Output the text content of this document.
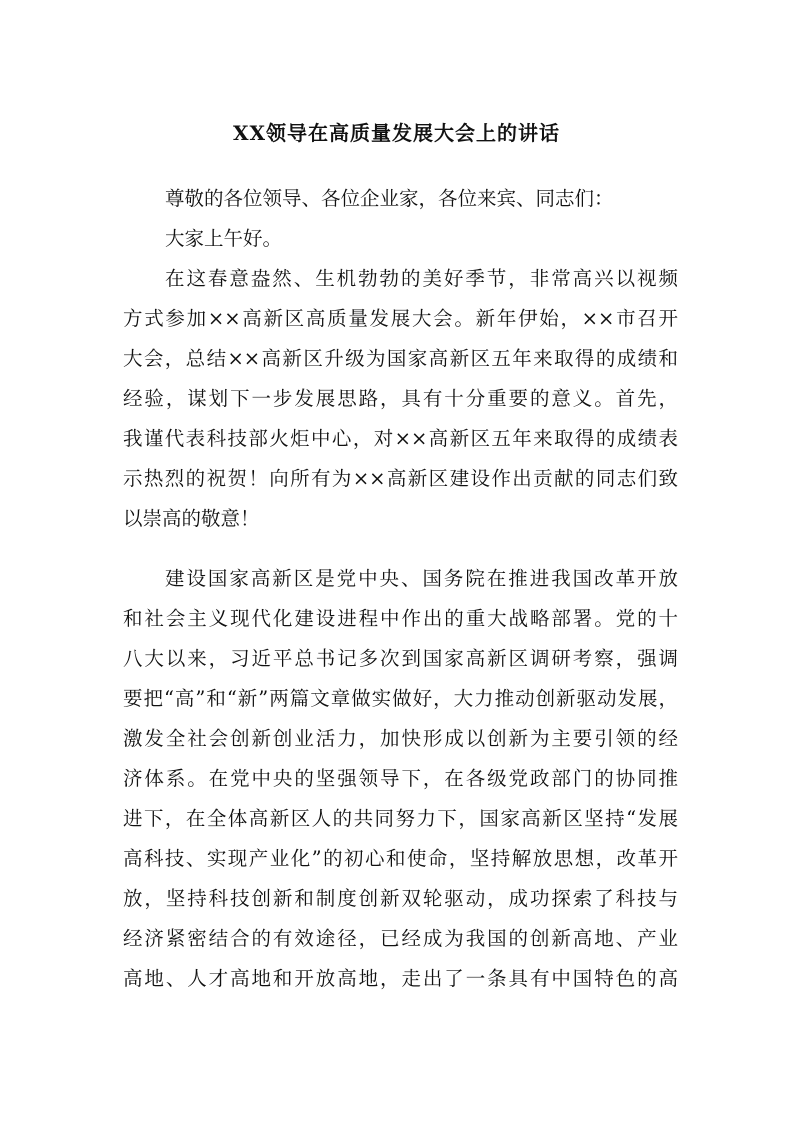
XX领导在高质量发展大会上的讲话
尊敬的各位领导、各位企业家，各位来宾、同志们：
大家上午好。
在这春意盎然、生机勃勃的美好季节，非常高兴以视频
方式参加××高新区高质量发展大会。新年伊始，××市召开
大会，总结××高新区升级为国家高新区五年来取得的成绩和
经验，谋划下一步发展思路，具有十分重要的意义。首先，
我谨代表科技部火炬中心，对××高新区五年来取得的成绩表
示热烈的祝贺！向所有为××高新区建设作出贡献的同志们致
以崇高的敬意！
建设国家高新区是党中央、国务院在推进我国改革开放
和社会主义现代化建设进程中作出的重大战略部署。党的十
八大以来，习近平总书记多次到国家高新区调研考察，强调
要把“高”和“新”两篇文章做实做好，大力推动创新驱动发展，
激发全社会创新创业活力，加快形成以创新为主要引领的经
济体系。在党中央的坚强领导下，在各级党政部门的协同推
进下，在全体高新区人的共同努力下，国家高新区坚持“发展
高科技、实现产业化”的初心和使命，坚持解放思想，改革开
放，坚持科技创新和制度创新双轮驱动，成功探索了科技与
经济紧密结合的有效途径，已经成为我国的创新高地、产业
高地、人才高地和开放高地，走出了一条具有中国特色的高
